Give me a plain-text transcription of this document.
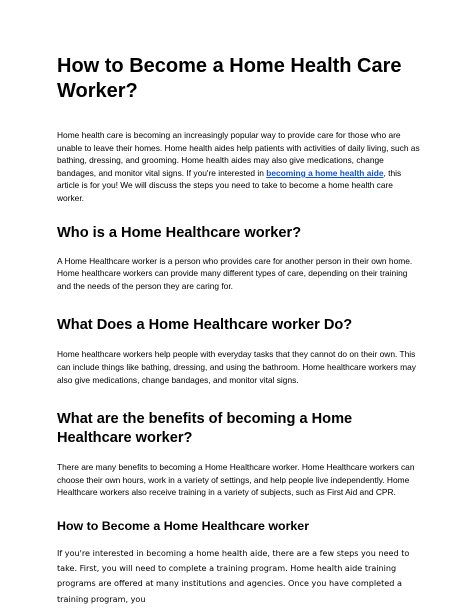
How to Become a Home Health Care Worker?

Home health care is becoming an increasingly popular way to provide care for those who are unable to leave their homes. Home health aides help patients with activities of daily living, such as bathing, dressing, and grooming. Home health aides may also give medications, change bandages, and monitor vital signs. If you're interested in becoming a home health aide, this article is for you! We will discuss the steps you need to take to become a home health care worker.

Who is a Home Healthcare worker?

A Home Healthcare worker is a person who provides care for another person in their own home. Home healthcare workers can provide many different types of care, depending on their training and the needs of the person they are caring for.

What Does a Home Healthcare worker Do?

Home healthcare workers help people with everyday tasks that they cannot do on their own. This can include things like bathing, dressing, and using the bathroom. Home healthcare workers may also give medications, change bandages, and monitor vital signs.

What are the benefits of becoming a Home Healthcare worker?

There are many benefits to becoming a Home Healthcare worker. Home Healthcare workers can choose their own hours, work in a variety of settings, and help people live independently. Home Healthcare workers also receive training in a variety of subjects, such as First Aid and CPR.

How to Become a Home Healthcare worker

If you're interested in becoming a home health aide, there are a few steps you need to take. First, you will need to complete a training program. Home health aide training programs are offered at many institutions and agencies. Once you have completed a training program, you
